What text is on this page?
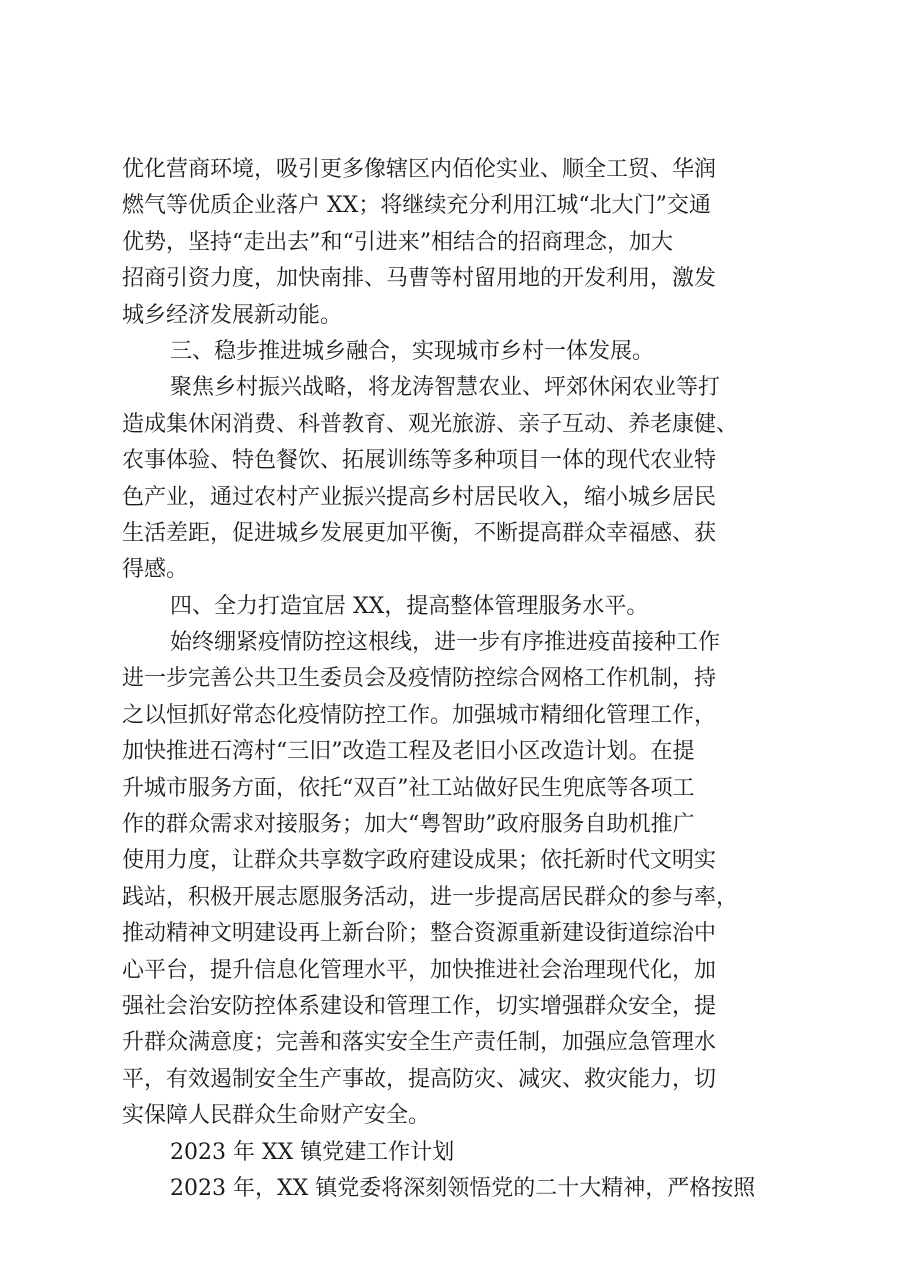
优化营商环境，吸引更多像辖区内佰伦实业、顺全工贸、华润
燃气等优质企业落户 XX；将继续充分利用江城“北大门”交通
优势，坚持“走出去”和“引进来”相结合的招商理念，加大
招商引资力度，加快南排、马曹等村留用地的开发利用，激发
城乡经济发展新动能。
三、稳步推进城乡融合，实现城市乡村一体发展。
聚焦乡村振兴战略，将龙涛智慧农业、坪郊休闲农业等打
造成集休闲消费、科普教育、观光旅游、亲子互动、养老康健、
农事体验、特色餐饮、拓展训练等多种项目一体的现代农业特
色产业，通过农村产业振兴提高乡村居民收入，缩小城乡居民
生活差距，促进城乡发展更加平衡，不断提高群众幸福感、获
得感。
四、全力打造宜居 XX，提高整体管理服务水平。
始终绷紧疫情防控这根线，进一步有序推进疫苗接种工作
进一步完善公共卫生委员会及疫情防控综合网格工作机制，持
之以恒抓好常态化疫情防控工作。加强城市精细化管理工作，
加快推进石湾村“三旧”改造工程及老旧小区改造计划。在提
升城市服务方面，依托“双百”社工站做好民生兜底等各项工
作的群众需求对接服务；加大“粤智助”政府服务自助机推广
使用力度，让群众共享数字政府建设成果；依托新时代文明实
践站，积极开展志愿服务活动，进一步提高居民群众的参与率，
推动精神文明建设再上新台阶；整合资源重新建设街道综治中
心平台，提升信息化管理水平，加快推进社会治理现代化，加
强社会治安防控体系建设和管理工作，切实增强群众安全，提
升群众满意度；完善和落实安全生产责任制，加强应急管理水
平，有效遏制安全生产事故，提高防灾、减灾、救灾能力，切
实保障人民群众生命财产安全。
2023 年 XX 镇党建工作计划
2023 年，XX 镇党委将深刻领悟党的二十大精神，严格按照
